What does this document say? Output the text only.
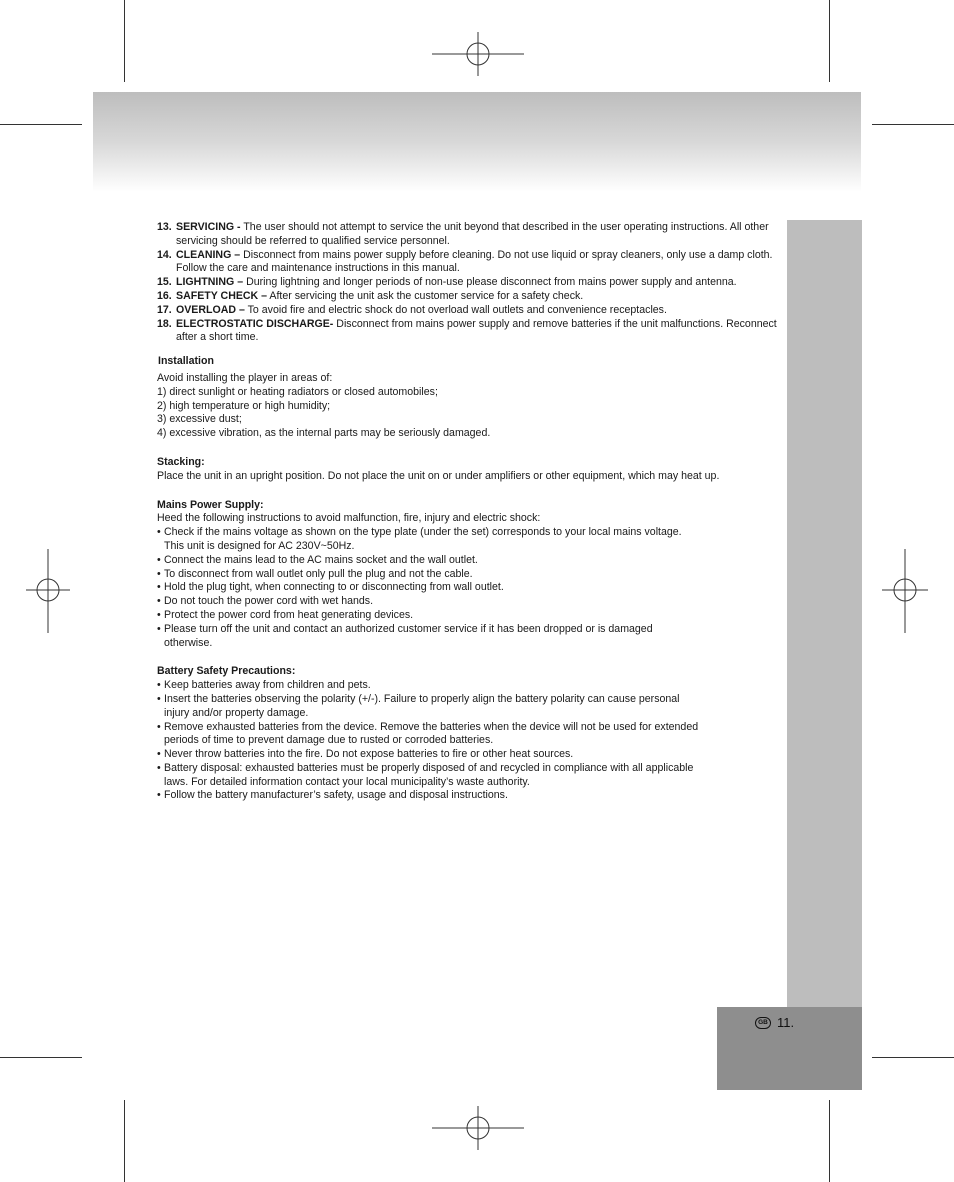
GB 11.
13. SERVICING - The user should not attempt to service the unit beyond that described in the user operating instructions. All other servicing should be referred to qualified service personnel.
14. CLEANING – Disconnect from mains power supply before cleaning. Do not use liquid or spray cleaners, only use a damp cloth. Follow the care and maintenance instructions in this manual.
15. LIGHTNING – During lightning and longer periods of non-use please disconnect from mains power supply and antenna.
16. SAFETY CHECK – After servicing the unit ask the customer service for a safety check.
17. OVERLOAD – To avoid fire and electric shock do not overload wall outlets and convenience receptacles.
18. ELECTROSTATIC DISCHARGE- Disconnect from mains power supply and remove batteries if the unit malfunctions. Reconnect after a short time.
Installation
Avoid installing the player in areas of:
1) direct sunlight or heating radiators or closed automobiles;
2) high temperature or high humidity;
3) excessive dust;
4) excessive vibration, as the internal parts may be seriously damaged.
Stacking:
Place the unit in an upright position. Do not place the unit on or under amplifiers or other equipment, which may heat up.
Mains Power Supply:
Heed the following instructions to avoid malfunction, fire, injury and electric shock:
• Check if the mains voltage as shown on the type plate (under the set) corresponds to your local mains voltage. This unit is designed for AC 230V~50Hz.
• Connect the mains lead to the AC mains socket and the wall outlet.
• To disconnect from wall outlet only pull the plug and not the cable.
• Hold the plug tight, when connecting to or disconnecting from wall outlet.
• Do not touch the power cord with wet hands.
• Protect the power cord from heat generating devices.
• Please turn off the unit and contact an authorized customer service if it has been dropped or is damaged otherwise.
Battery Safety Precautions:
• Keep batteries away from children and pets.
• Insert the batteries observing the polarity (+/-). Failure to properly align the battery polarity can cause personal injury and/or property damage.
• Remove exhausted batteries from the device. Remove the batteries when the device will not be used for extended periods of time to prevent damage due to rusted or corroded batteries.
• Never throw batteries into the fire. Do not expose batteries to fire or other heat sources.
• Battery disposal: exhausted batteries must be properly disposed of and recycled in compliance with all applicable laws. For detailed information contact your local municipality’s waste authority.
• Follow the battery manufacturer’s safety, usage and disposal instructions.
